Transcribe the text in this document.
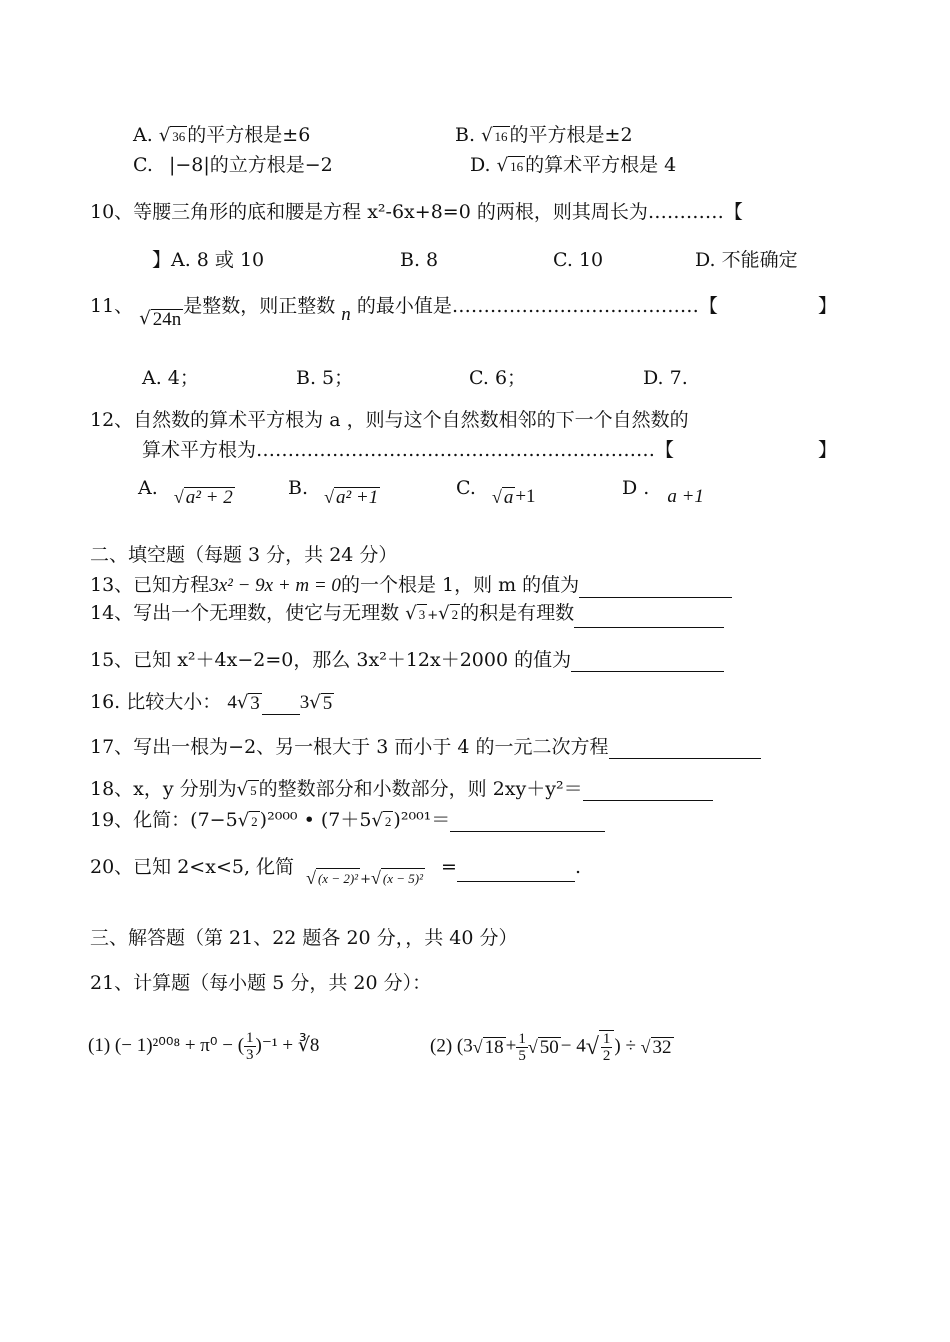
A. √ 36 的平方根是±6	B. √ 16 的平方根是±2
C. |−8|的立方根是−2	D. √ 16 的算术平方根是 4
10、等腰三角形的底和腰是方程 x²-6x+8=0 的两根，则其周长为…………【
】A. 8 或 10	B. 8	C. 10	D. 不能确定
11、
√ 24n
是整数，则正整数 n 的最小值是…………………………………【	】
A. 4；	B. 5；	C. 6；	D. 7.
12、自然数的算术平方根为 a ，则与这个自然数相邻的下一个自然数的
算术平方根为………………………………………………………【	】
A. √ a² + 2	B. √ a² +1	C. √ a +1	D . a +1
二、填空题（每题 3 分，共 24 分）
13、已知方程3x² − 9x + m = 0的一个根是 1，则 m 的值为
14、写出一个无理数，使它与无理数 √ 3 + √ 2 的积是有理数
15、已知 x²＋4x−2=0，那么 3x²＋12x＋2000 的值为
16. 比较大小： 4 √ 3 3 √ 5
17、写出一根为−2、另一根大于 3 而小于 4 的一元二次方程
18、x，y 分别为 √ 5 的整数部分和小数部分，则 2xy＋y²＝
19、化简：(7−5 √ 2 )²⁰⁰⁰ • (7＋5 √ 2 )²⁰⁰¹＝
20、已知 2<x<5, 化简 √ (x − 2)² $_+$ √ (x − 5)² =	.
三、解答题（第 21、22 题各 20 分，，共 40 分）
21、计算题（每小题 5 分，共 20 分）：
(1) (− 1)²⁰⁰⁸ + π⁰ − ( $\frac{1}{3} )^{-1}$ + ∛8	(2) (3 √ $18 + \frac{1}{5}$ √ 50 − 4 √ $\frac{1}{2}$ ) ÷ √ 32
